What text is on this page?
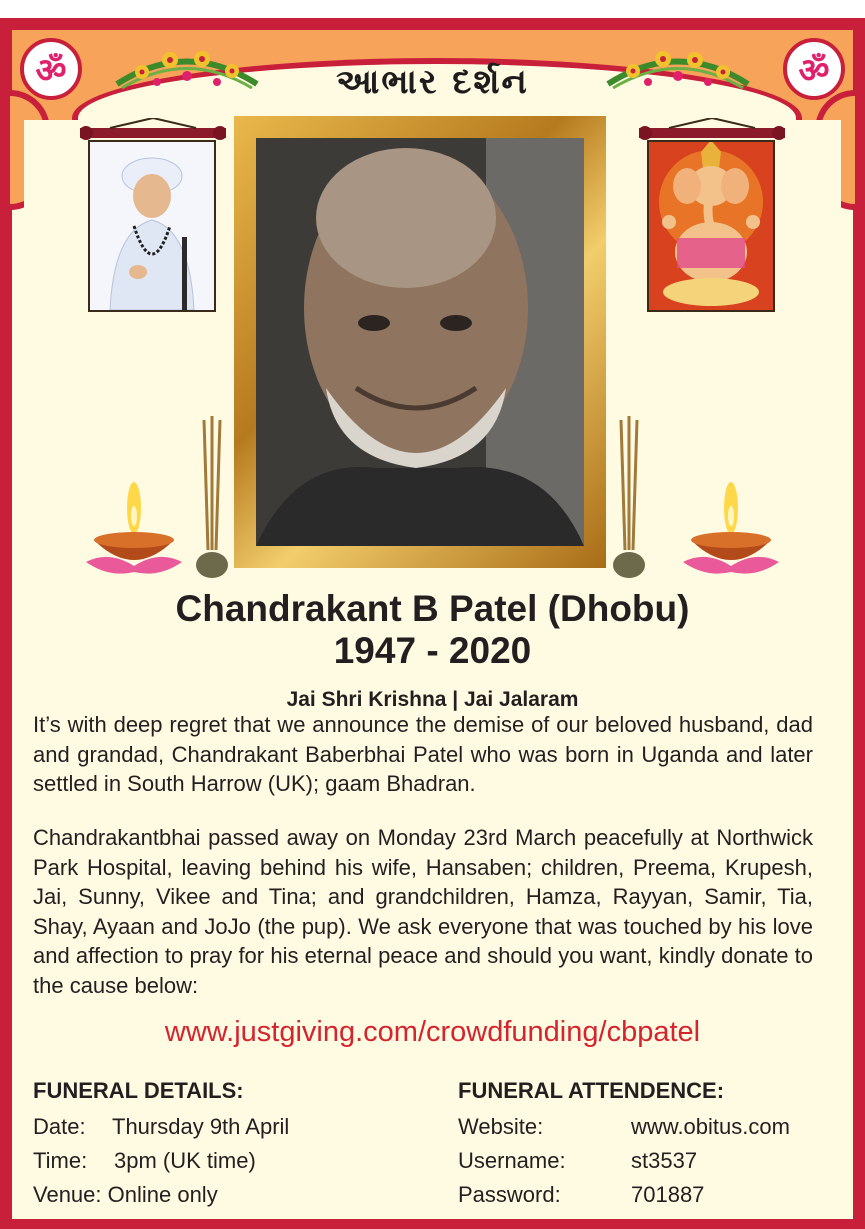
ॐ	ॐ
આભાર દર્શન
Chandrakant B Patel (Dhobu)
1947 - 2020
Jai Shri Krishna | Jai Jalaram
It’s with deep regret that we announce the demise of our beloved husband, dad and grandad, Chandrakant Baberbhai Patel who was born in Uganda and later settled in South Harrow (UK); gaam Bhadran.
Chandrakantbhai passed away on Monday 23rd March peacefully at Northwick Park Hospital, leaving behind his wife, Hansaben; children, Preema, Krupesh, Jai, Sunny, Vikee and Tina; and grandchildren, Hamza, Rayyan, Samir, Tia, Shay, Ayaan and JoJo (the pup). We ask everyone that was touched by his love and affection to pray for his eternal peace and should you want, kindly donate to the cause below:
www.justgiving.com/crowdfunding/cbpatel
FUNERAL DETAILS:
Date: Thursday 9th April
Time: 3pm (UK time)
Venue: Online only
FUNERAL ATTENDENCE:
Website:	www.obitus.com
Username:	st3537
Password:	701887
